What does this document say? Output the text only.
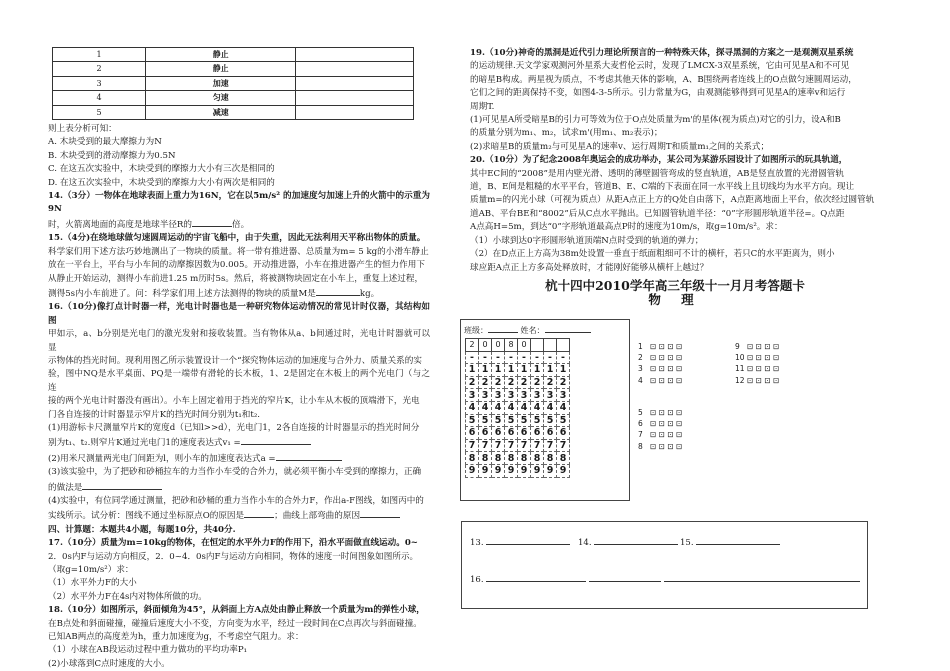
1	静止	
2	静止	
3	加速	
4	匀速	
5	减速	

则上表分析可知：

A. 木块受到的最大摩擦力为N

B. 木块受到的滑动摩擦力为0.5N

C. 在这五次实验中，木块受到的摩擦力大小有三次是相同的

D. 在这五次实验中，木块受到的摩擦力大小有两次是相同的

14.（3分）一物体在地球表面上重力为16N，它在以5m/s² 的加速度匀加速上升的火箭中的示重为9N

时，火箭离地面的高度是地球半径R的	倍。

15.（4分)在绕地球做匀速圆周运动的宇宙飞船中，由于失重，因此无法利用天平称出物体的质量。

科学家们用下述方法巧妙地测出了一物块的质量。将一带有推进器、总质量为m= 5 kg的小滑车静止

放在一平台上，平台与小车间的动摩擦因数为0.005。开动推进器，小车在推进器产生的恒力作用下

从静止开始运动，测得小车前进1.25 m历时5s。然后，将被测物块固定在小车上，重复上述过程，

测得5s内小车前进了。问：科学家们用上述方法测得的物块的质量M是	kg。

16.（10分)像打点计时器一样，光电计时器也是一种研究物体运动情况的常见计时仪器，其结构如图

甲如示，a、b分别是光电门的激光发射和接收装置。当有物体从a、b间通过时，光电计时器就可以显

示物体的挡光时间。现利用图乙所示装置设计一个“探究物体运动的加速度与合外力、质量关系的实

验，图中NQ是水平桌面、PQ是一端带有滑轮的长木板，1、2是固定在木板上的两个光电门（与之连

接的两个光电计时器没有画出）。小车上固定着用于挡光的窄片K，让小车从木板的顶端滑下，光电

门各自连接的计时器显示窄片K的挡光时间分别为t₁和t₂.

(1)用游标卡尺测量窄片K的宽度d（已知l>>d），光电门1，2各自连接的计时器显示的挡光时间分

别为t₁、t₂.则窄片K通过光电门1的速度表达式v₁ =

(2)用米尺测量两光电门间距为l，则小车的加速度表达式a =

(3)该实验中，为了把砂和砂桶拉车的力当作小车受的合外力，就必须平衡小车受到的摩擦力，正确

的做法是

(4)实验中，有位同学通过测量，把砂和砂桶的重力当作小车的合外力F，作出a-F图线，如图丙中的

实线所示。试分析：图线不通过坐标原点O的原因是	；曲线上部弯曲的原因

四、计算题：本题共4小题，每题10分，共40分.

17.（10分）质量为m=10kg的物体，在恒定的水平外力F的作用下，沿水平面做直线运动。0~

2．0s内F与运动方向相反，2．0~4．0s内F与运动方向相同，物体的速度一时间图象如图所示。

（取g=10m/s²）求：

（1）水平外力F的大小

（2）水平外力F在4s内对物体所做的功。

18.（10分）如图所示，斜面倾角为45°，从斜面上方A点处由静止释放一个质量为m的弹性小球，

在B点处和斜面碰撞，碰撞后速度大小不变，方向变为水平，经过一段时间在C点再次与斜面碰撞。

已知AB两点的高度差为h，重力加速度为g，不考虑空气阻力。求：

（1）小球在AB段运动过程中重力做功的平均功率P₁

(2)小球落到C点时速度的大小。

19.（10分)神奇的黑洞是近代引力理论所预言的一种特殊天体，探寻黑洞的方案之一是观测双星系统

的运动规律.天文学家观测河外星系大麦哲伦云时，发现了LMCX-3双星系统，它由可见星A和不可见

的暗星B构成。两星视为质点，不考虑其他天体的影响，A、B围绕两者连线上的O点做匀速圆周运动，

它们之间的距离保持不变，如图4-3-5所示。引力常量为G，由观测能够得到可见星A的速率v和运行

周期T.

(1)可见星A所受暗星B的引力可等效为位于O点处质量为m'的星体(视为质点)对它的引力，设A和B

的质量分别为m₁、m₂，试求m'(用m₁、m₂表示)；

(2)求暗星B的质量m₂与可见星A的速率v、运行周期T和质量m₁之间的关系式；

20.（10分）为了纪念2008年奥运会的成功举办，某公司为某游乐园设计了如图所示的玩具轨道，

其中EC间的“2008”是用内壁光滑、透明的薄壁圆管弯成的竖直轨道，AB是竖直放置的光滑圆管轨

道，B、E间是粗糙的水平平台，管道B、E、C端的下表面在同一水平线上且切线均为水平方向。现让

质量m=的闪光小球（可视为质点）从距A点正上方的Q处自由落下，A点距离地面上平台，依次经过圆管轨

道AB、平台BE和“8002”后从C点水平抛出。已知圆管轨道半径：“0”字形圆形轨道半径=。Q点距

A点高H=5m，到达“0”字形轨道最高点P时的速度为10m/s，取g=10m/s²。求：

（1）小球到达0字形圆形轨道顶端N点时受到的轨道的弹力；

（2）在D点正上方高为38m处设置一垂直于纸面粗细可不计的横杆，若只C的水平距离为，则小

球应距A点正上方多高处释放时，才能刚好能够从横杆上越过？

杭十四中2010学年高三年级十一月月考答题卡
物 理
班级：	姓名：
2	0	0	8	0			
-	-	-	-	-	-	-	-
1	1	1	1	1	1	1	1
2	2	2	2	2	2	2	2
3	3	3	3	3	3	3	3
4	4	4	4	4	4	4	4
5	5	5	5	5	5	5	5
6	6	6	6	6	6	6	6
7	7	7	7	7	7	7	7
8	8	8	8	8	8	8	8
9	9	9	9	9	9	9	9
1 ⊡ ⊡ ⊡ ⊡
2 ⊡ ⊡ ⊡ ⊡
3 ⊡ ⊡ ⊡ ⊡
4 ⊡ ⊡ ⊡ ⊡
5 ⊡ ⊡ ⊡ ⊡
6 ⊡ ⊡ ⊡ ⊡
7 ⊡ ⊡ ⊡ ⊡
8 ⊡ ⊡ ⊡ ⊡
9 ⊡ ⊡ ⊡ ⊡
10 ⊡ ⊡ ⊡ ⊡
11 ⊡ ⊡ ⊡ ⊡
12 ⊡ ⊡ ⊡ ⊡
13.	14.	15.
16.
